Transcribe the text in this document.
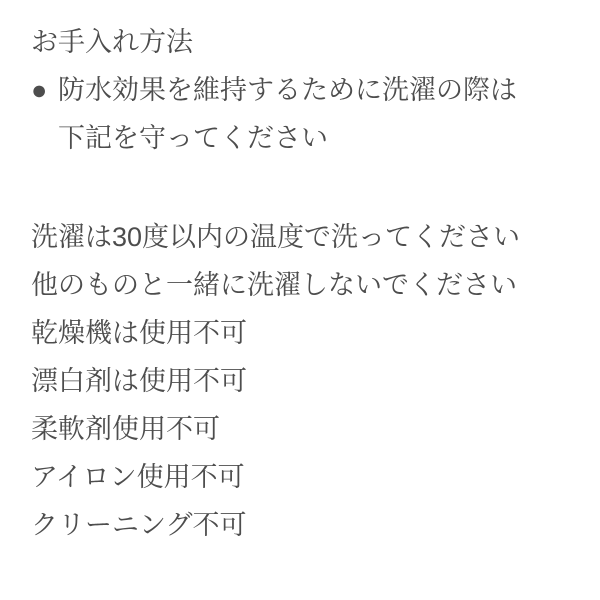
お手入れ方法
● 防水効果を維持するために洗濯の際は
下記を守ってください
洗濯は30度以内の温度で洗ってください
他のものと一緒に洗濯しないでください
乾燥機は使用不可
漂白剤は使用不可
柔軟剤使用不可
アイロン使用不可
クリーニング不可
